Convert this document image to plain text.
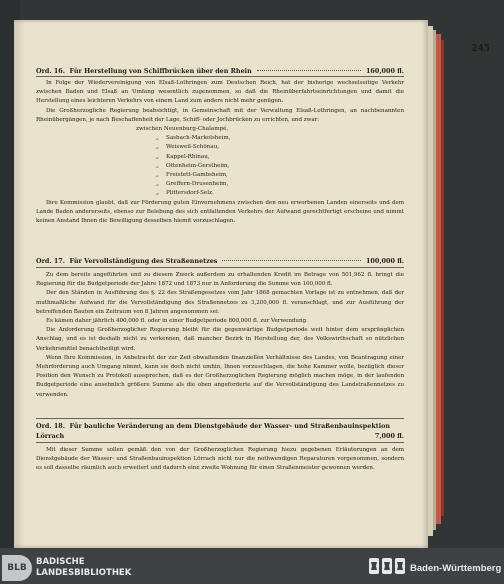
245
Ord. 16. Für Herstellung von Schiffbrücken über den Rhein	160,000 fl.

In Folge der Wiedervereinigung von Elsaß-Lothringen zum Deutschen Reich, hat der bisherige wechselseitige Verkehr zwischen Baden und Elsaß an Umfang wesentlich zugenommen, so daß die Rheinüberfahrtseinrichtungen und damit die Herstellung eines leichteren Verkehrs von einem Land zum andere nicht mehr genügen.

Die Großherzogliche Regierung beabsichtigt, in Gemeinschaft mit der Verwaltung Elsaß-Lothringen, an nachbenannten Rheinübergängen, je nach Beschaffenheit der Lage, Schiff- oder Jochbrücken zu errichten, und zwar:

zwischen Neuenburg-Chalampé,
„ Sasbach-Markolsheim,
„ Weisweil-Schönau,
„ Kappel-Rhinau,
„ Ottenheim-Gerstheim,
„ Freistett-Gambsheim,
„ Greffern-Drusenheim,
„ Plittersdorf-Selz.

Ihre Kommission glaubt, daß zur Förderung guten Einvernehmens zwischen den neu erworbenen Landen einerseits und dem Lande Baden andererseits, ebenso zur Belebung des sich entfaltenden Verkehrs der Aufwand gerechtfertigt erscheine und nimmt keinen Anstand Ihnen die Bewilligung desselben hiemit vorzuschlagen.

Ord. 17. Für Vervollständigung des Straßennetzes	100,000 fl.

Zu dem bereits angeführten und zu diesem Zweck außerdem zu erhaltenden Kredit im Betrage von 501,962 fl. bringt die Regierung für die Budgetperiode der Jahre 1872 und 1873 nur in Anforderung die Summe von 100,000 fl.

Der den Ständen in Ausführung des §. 22 des Straßengesetzes vom Jahr 1868 gemachten Vorlage ist zu entnehmen, daß der muthmaßliche Aufwand für die Vervollständigung des Straßennetzes zu 3,200,000 fl. veranschlagt, und zur Ausführung der betreffenden Bauten ein Zeitraum von 8 Jahren angenommen sei.

Es kämen daher jährlich 400,000 fl. oder in einer Budgetperiode 800,000 fl. zur Verwendung.

Die Anforderung Großherzoglicher Regierung bleibt für die gegenwärtige Budgetperiode weit hinter dem ursprünglichen Anschlag, und es ist deshalb nicht zu verkennen, daß mancher Bezirk in Herstellung der, des Volkswirthschaft so nützlichen Verkehrsmittel benachtheiligt wird.

Wenn Ihre Kommission, in Anbetracht der zur Zeit obwaltenden finanziellen Verhältnisse des Landes, von Beantragung einer Mehrforderung auch Umgang nimmt, kann sie doch nicht umhin, Ihnen vorzuschlagen, die hohe Kammer wolle, bezüglich dieser Position den Wunsch zu Protokoll aussprechen, daß es der Großherzoglichen Regierung möglich machen möge, in der laufenden Budgetperiode eine ansehnlich größere Summe als die oben angeforderte auf die Vervollständigung des Landstraßennetzes zu verwenden.

Ord. 18. Für bauliche Veränderung an dem Dienstgebäude der Wasser- und Straßenbauinspektion Lörrach	7,000 fl.

Mit dieser Summe sollen gemäß den von der Großherzoglichen Regierung hiezu gegebenen Erläuterungen an dem Dienstgebäude der Wasser- und Straßenbauinspektion Lörrach nicht nur die nothwendigen Reparaturen vorgenommen, sondern es soll dasselbe räumlich auch erweitert und dadurch eine zweite Wohnung für einen Straßenmeister gewonnen werden.

BLB
BADISCHE
LANDESBIBLIOTHEK	Baden-Württemberg
